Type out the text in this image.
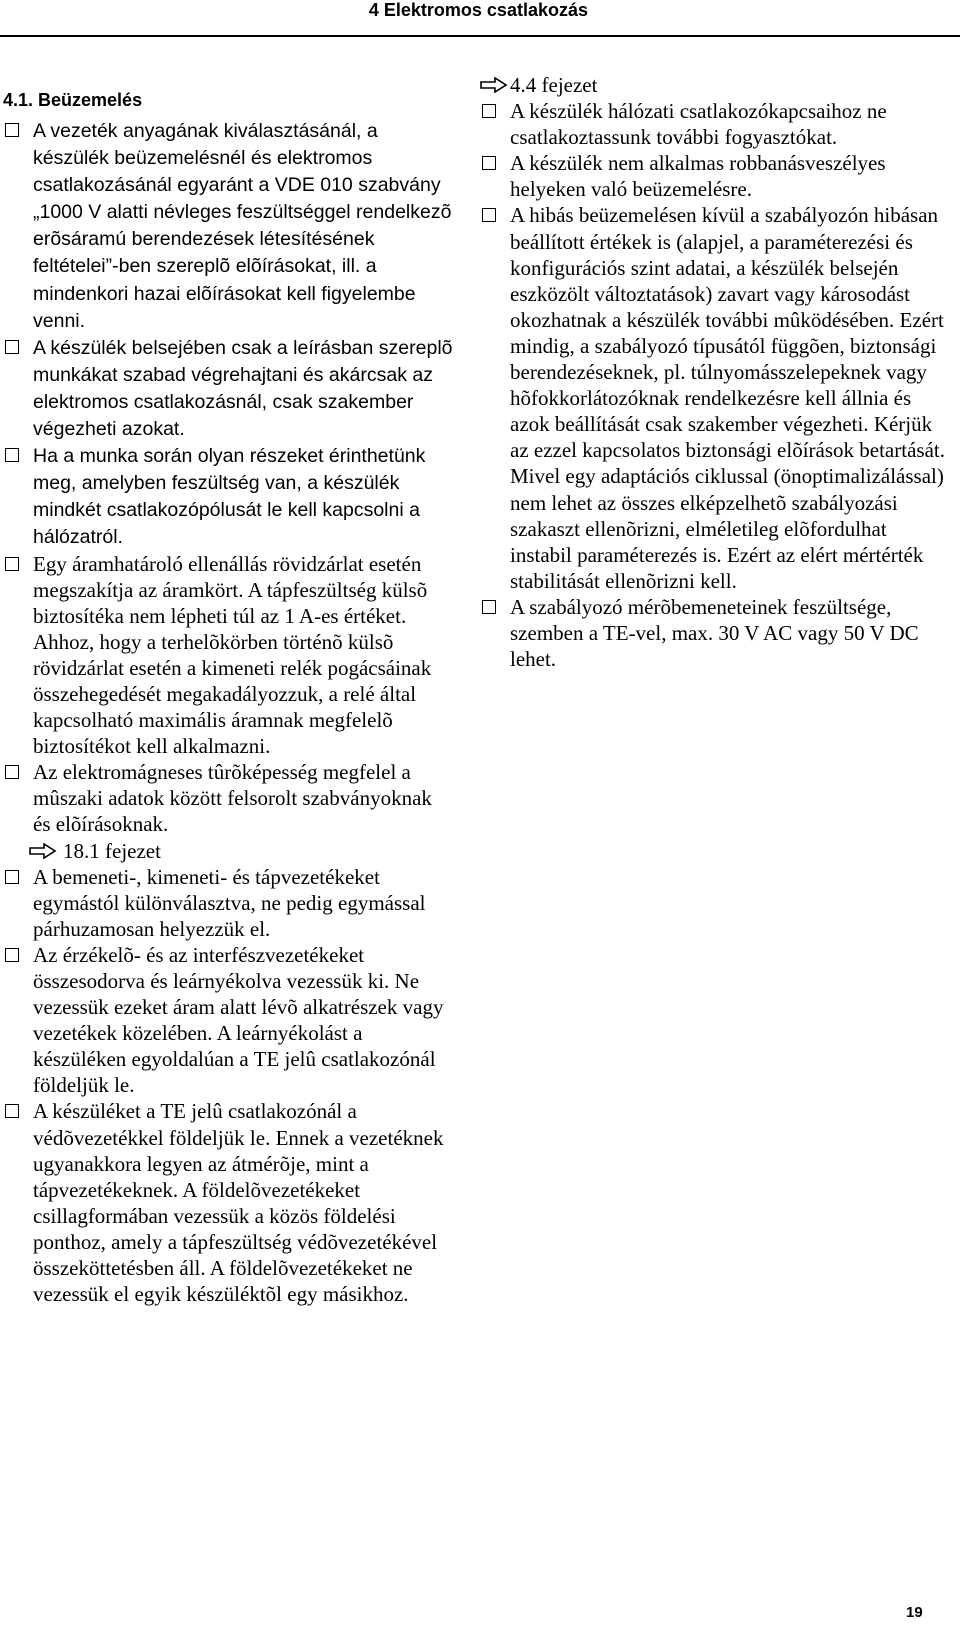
4 Elektromos csatlakozás
4.1. Beüzemelés
A vezeték anyagának kiválasztásánál, a készülék beüzemelésnél és elektromos csatlakozásánál egyaránt a VDE 010 szabvány „1000 V alatti névleges feszültséggel rendelkezõ erõsáramú berendezések létesítésének feltételei”-ben szereplõ elõírásokat, ill. a mindenkori hazai elõírásokat kell figyelembe venni.
A készülék belsejében csak a leírásban szereplõ munkákat szabad végrehajtani és akárcsak az elektromos csatlakozásnál, csak szakember végezheti azokat.
Ha a munka során olyan részeket érinthetünk meg, amelyben feszültség van, a készülék mindkét csatlakozópólusát le kell kapcsolni a hálózatról.
Egy áramhatároló ellenállás rövidzárlat esetén megszakítja az áramkört. A tápfeszültség külsõ biztosítéka nem lépheti túl az 1 A-es értéket. Ahhoz, hogy a terhelõkörben történõ külsõ rövidzárlat esetén a kimeneti relék pogácsáinak összehegedését megakadályozzuk, a relé által kapcsolható maximális áramnak megfelelõ biztosítékot kell alkalmazni.
Az elektromágneses tûrõképesség megfelel a mûszaki adatok között felsorolt szabványoknak és elõírásoknak.
18.1 fejezet
A bemeneti-, kimeneti- és tápvezetékeket egymástól különválasztva, ne pedig egymással párhuzamosan helyezzük el.
Az érzékelõ- és az interfészvezetékeket összesodorva és leárnyékolva vezessük ki. Ne vezessük ezeket áram alatt lévõ alkatrészek vagy vezetékek közelében. A leárnyékolást a készüléken egyoldalúan a TE jelû csatlakozónál földeljük le.
A készüléket a TE jelû csatlakozónál a védõvezetékkel földeljük le. Ennek a vezetéknek ugyanakkora legyen az átmérõje, mint a tápvezetékeknek. A földelõvezetékeket csillagformában vezessük a közös földelési ponthoz, amely a tápfeszültség védõvezetékével összeköttetésben áll. A földelõvezetékeket ne vezessük el egyik készüléktõl egy másikhoz.
4.4 fejezet
A készülék hálózati csatlakozókapcsaihoz ne csatlakoztassunk további fogyasztókat.
A készülék nem alkalmas robbanásveszélyes helyeken való beüzemelésre.
A hibás beüzemelésen kívül a szabályozón hibásan beállított értékek is (alapjel, a paraméterezési és konfigurációs szint adatai, a készülék belsején eszközölt változtatások) zavart vagy károsodást okozhatnak a készülék további mûködésében. Ezért mindig, a szabályozó típusától függõen, biztonsági berendezéseknek, pl. túlnyomásszelepeknek vagy hõfokkorlátozóknak rendelkezésre kell állnia és azok beállítását csak szakember végezheti. Kérjük az ezzel kapcsolatos biztonsági elõírások betartását. Mivel egy adaptációs ciklussal (önoptimalizálással) nem lehet az összes elképzelhetõ szabályozási szakaszt ellenõrizni, elméletileg elõfordulhat instabil paraméterezés is. Ezért az elért mértérték stabilitását ellenõrizni kell.
A szabályozó mérõbemeneteinek feszültsége, szemben a TE-vel, max. 30 V AC vagy 50 V DC lehet.
19
